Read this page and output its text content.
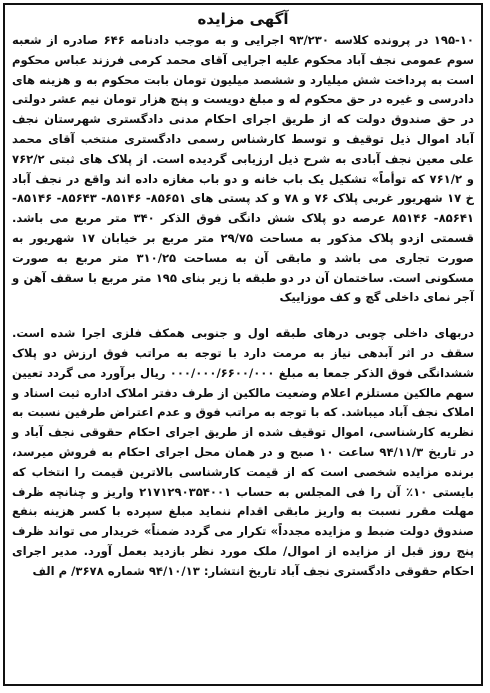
آگهی مزایده

۱۹۵-۱۰ در پرونده کلاسه ۹۳/۲۳۰ اجرایی و به موجب دادنامه ۶۴۶ صادره از شعبه سوم عمومی نجف آباد محکوم علیه اجرایی آقای محمد کرمی فرزند عباس محکوم است به پرداخت شش میلیارد و ششصد میلیون تومان بابت محکوم به و هزینه های دادرسی و غیره در حق محکوم له و مبلغ دویست و پنج هزار تومان نیم عشر دولتی در حق صندوق دولت که از طریق اجرای احکام مدنی دادگستری شهرستان نجف آباد اموال ذیل توقیف و توسط کارشناس رسمی دادگستری منتخب آقای محمد علی معین نجف آبادی به شرح ذیل ارزیابی گردیده است. از پلاک های ثبتی ۷۶۲/۲ و ۷۶۱/۲ که توأماً» تشکیل یک باب خانه و دو باب مغازه داده اند واقع در نجف آباد خ ۱۷ شهریور غربی پلاک ۷۶ و ۷۸ و کد پستی های ۸۵۶۵۱- ۸۵۱۴۶- ۸۵۶۴۳- ۸۵۱۴۶- ۸۵۶۴۱- ۸۵۱۴۶ عرصه دو پلاک شش دانگی فوق الذکر ۳۴۰ متر مربع می باشد. قسمتی ازدو پلاک مذکور به مساحت ۲۹/۷۵ متر مربع بر خیابان ۱۷ شهریور به صورت تجاری می باشد و مابقی آن به مساحت ۳۱۰/۲۵ متر مربع به صورت مسکونی است. ساختمان آن در دو طبقه با زیر بنای ۱۹۵ متر مربع با سقف آهن و آجر نمای داخلی گچ و کف موزاییک

دربهای داخلی چوبی درهای طبقه اول و جنوبی همکف فلزی اجرا شده است. سقف در اثر آبدهی نیاز به مرمت دارد با توجه به مراتب فوق ارزش دو پلاک ششدانگی فوق الذکر جمعا به مبلغ ۰۰۰/۰۰۰/۶۶۰۰/۰۰۰ ریال برآورد می گردد تعیین سهم مالکین مستلزم اعلام وضعیت مالکین از طرف دفتر املاک اداره ثبت اسناد و املاک نجف آباد میباشد. که با توجه به مراتب فوق و عدم اعتراض طرفین نسبت به نظریه کارشناسی، اموال توقیف شده از طریق اجرای احکام حقوقی نجف آباد و در تاریخ ۹۴/۱۱/۳ ساعت ۱۰ صبح و در همان محل اجرای احکام به فروش میرسد، برنده مزایده شخصی است که از قیمت کارشناسی بالاترین قیمت را انتخاب که بایستی ۱۰٪ آن را فی المجلس به حساب ۲۱۷۱۲۹۰۳۵۴۰۰۱ واریز و چنانچه ظرف مهلت مقرر نسبت به واریز مابقی اقدام ننماید مبلغ سپرده با کسر هزینه بنفع صندوق دولت ضبط و مزایده مجدداً» تکرار می گردد ضمناً» خریدار می تواند ظرف پنج روز قبل از مزایده از اموال/ ملک مورد نظر بازدید بعمل آورد. مدیر اجرای احکام حقوقی دادگستری نجف آباد تاریخ انتشار: ۹۴/۱۰/۱۳ شماره ۳۶۷۸/ م الف
